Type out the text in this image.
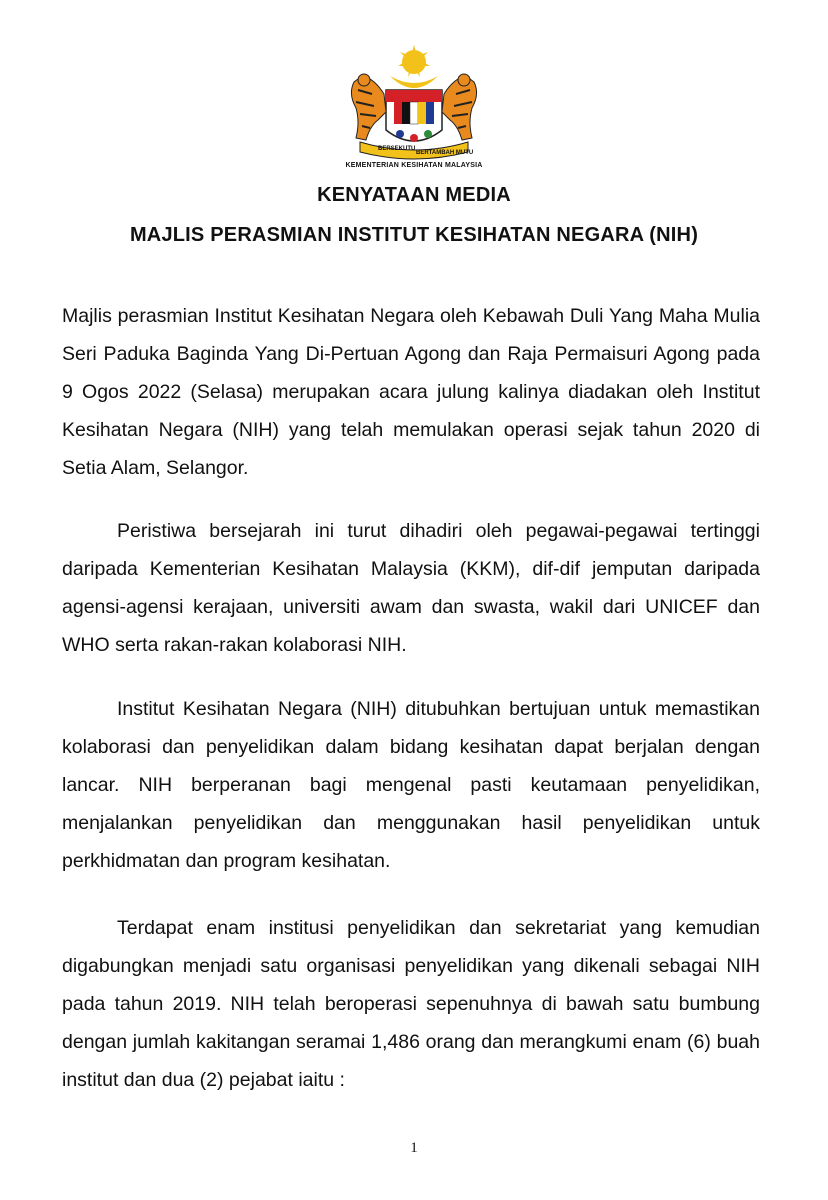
BERSEKUTU
BERTAMBAH MUTU
KEMENTERIAN KESIHATAN MALAYSIA
KENYATAAN MEDIA
MAJLIS PERASMIAN INSTITUT KESIHATAN NEGARA (NIH)

Majlis perasmian Institut Kesihatan Negara oleh Kebawah Duli Yang Maha Mulia Seri Paduka Baginda Yang Di-Pertuan Agong dan Raja Permaisuri Agong pada 9 Ogos 2022 (Selasa) merupakan acara julung kalinya diadakan oleh Institut Kesihatan Negara (NIH) yang telah memulakan operasi sejak tahun 2020 di Setia Alam, Selangor.

Peristiwa bersejarah ini turut dihadiri oleh pegawai-pegawai tertinggi daripada Kementerian Kesihatan Malaysia (KKM), dif-dif jemputan daripada agensi-agensi kerajaan, universiti awam dan swasta, wakil dari UNICEF dan WHO serta rakan-rakan kolaborasi NIH.

Institut Kesihatan Negara (NIH) ditubuhkan bertujuan untuk memastikan kolaborasi dan penyelidikan dalam bidang kesihatan dapat berjalan dengan lancar. NIH berperanan bagi mengenal pasti keutamaan penyelidikan, menjalankan penyelidikan dan menggunakan hasil penyelidikan untuk perkhidmatan dan program kesihatan.

Terdapat enam institusi penyelidikan dan sekretariat yang kemudian digabungkan menjadi satu organisasi penyelidikan yang dikenali sebagai NIH pada tahun 2019. NIH telah beroperasi sepenuhnya di bawah satu bumbung dengan jumlah kakitangan seramai 1,486 orang dan merangkumi enam (6) buah institut dan dua (2) pejabat iaitu :

1
